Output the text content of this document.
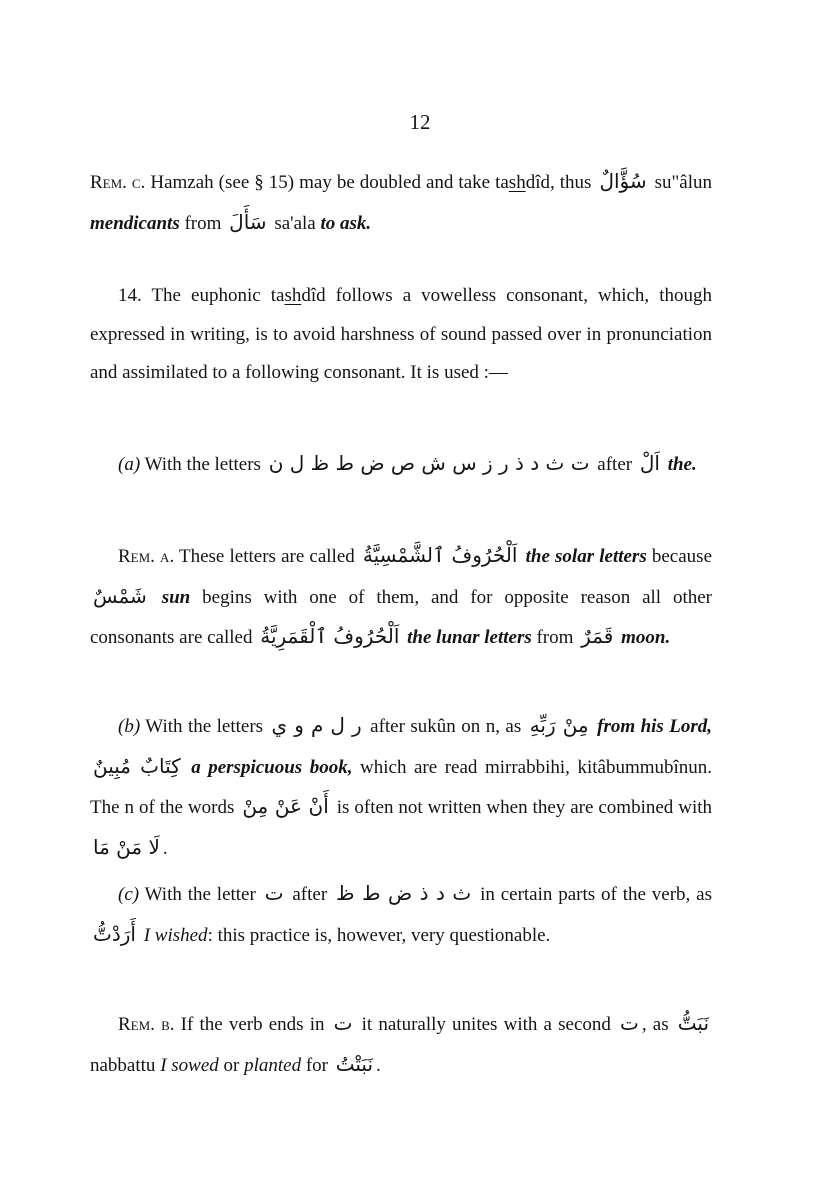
12

Rem. c. Hamzah (see § 15) may be doubled and take tashdîd, thus سُؤَّالٌ su"âlun mendicants from سَأَلَ sa'ala to ask.

14. The euphonic tashdîd follows a vowelless consonant, which, though expressed in writing, is to avoid harshness of sound passed over in pronunciation and assimilated to a following consonant. It is used :—

(a) With the letters ت ث د ذ ر ز س ش ص ض ط ظ ل ن after اَلْ the.

Rem. a. These letters are called اَلْحُرُوفُ ٱلشَّمْسِيَّةُ the solar letters because شَمْسٌ sun begins with one of them, and for opposite reason all other consonants are called اَلْحُرُوفُ ٱلْقَمَرِيَّةُ the lunar letters from قَمَرٌ moon.

(b) With the letters ر ل م و ي after sukûn on n, as مِنْ رَبِّهِ from his Lord, كِتَابٌ مُبِينٌ a perspicuous book, which are read mirrabbihi, kitâbummubînun. The n of the words أَنْ عَنْ مِنْ is often not written when they are combined with لَا مَنْ مَا .

(c) With the letter ت after ث د ذ ض ط ظ in certain parts of the verb, as أَرَدْتُّ I wished: this practice is, however, very questionable.

Rem. b. If the verb ends in ت it naturally unites with a second ت , as نَبَتُّ nabbattu I sowed or planted for نَبَتْتُ .
